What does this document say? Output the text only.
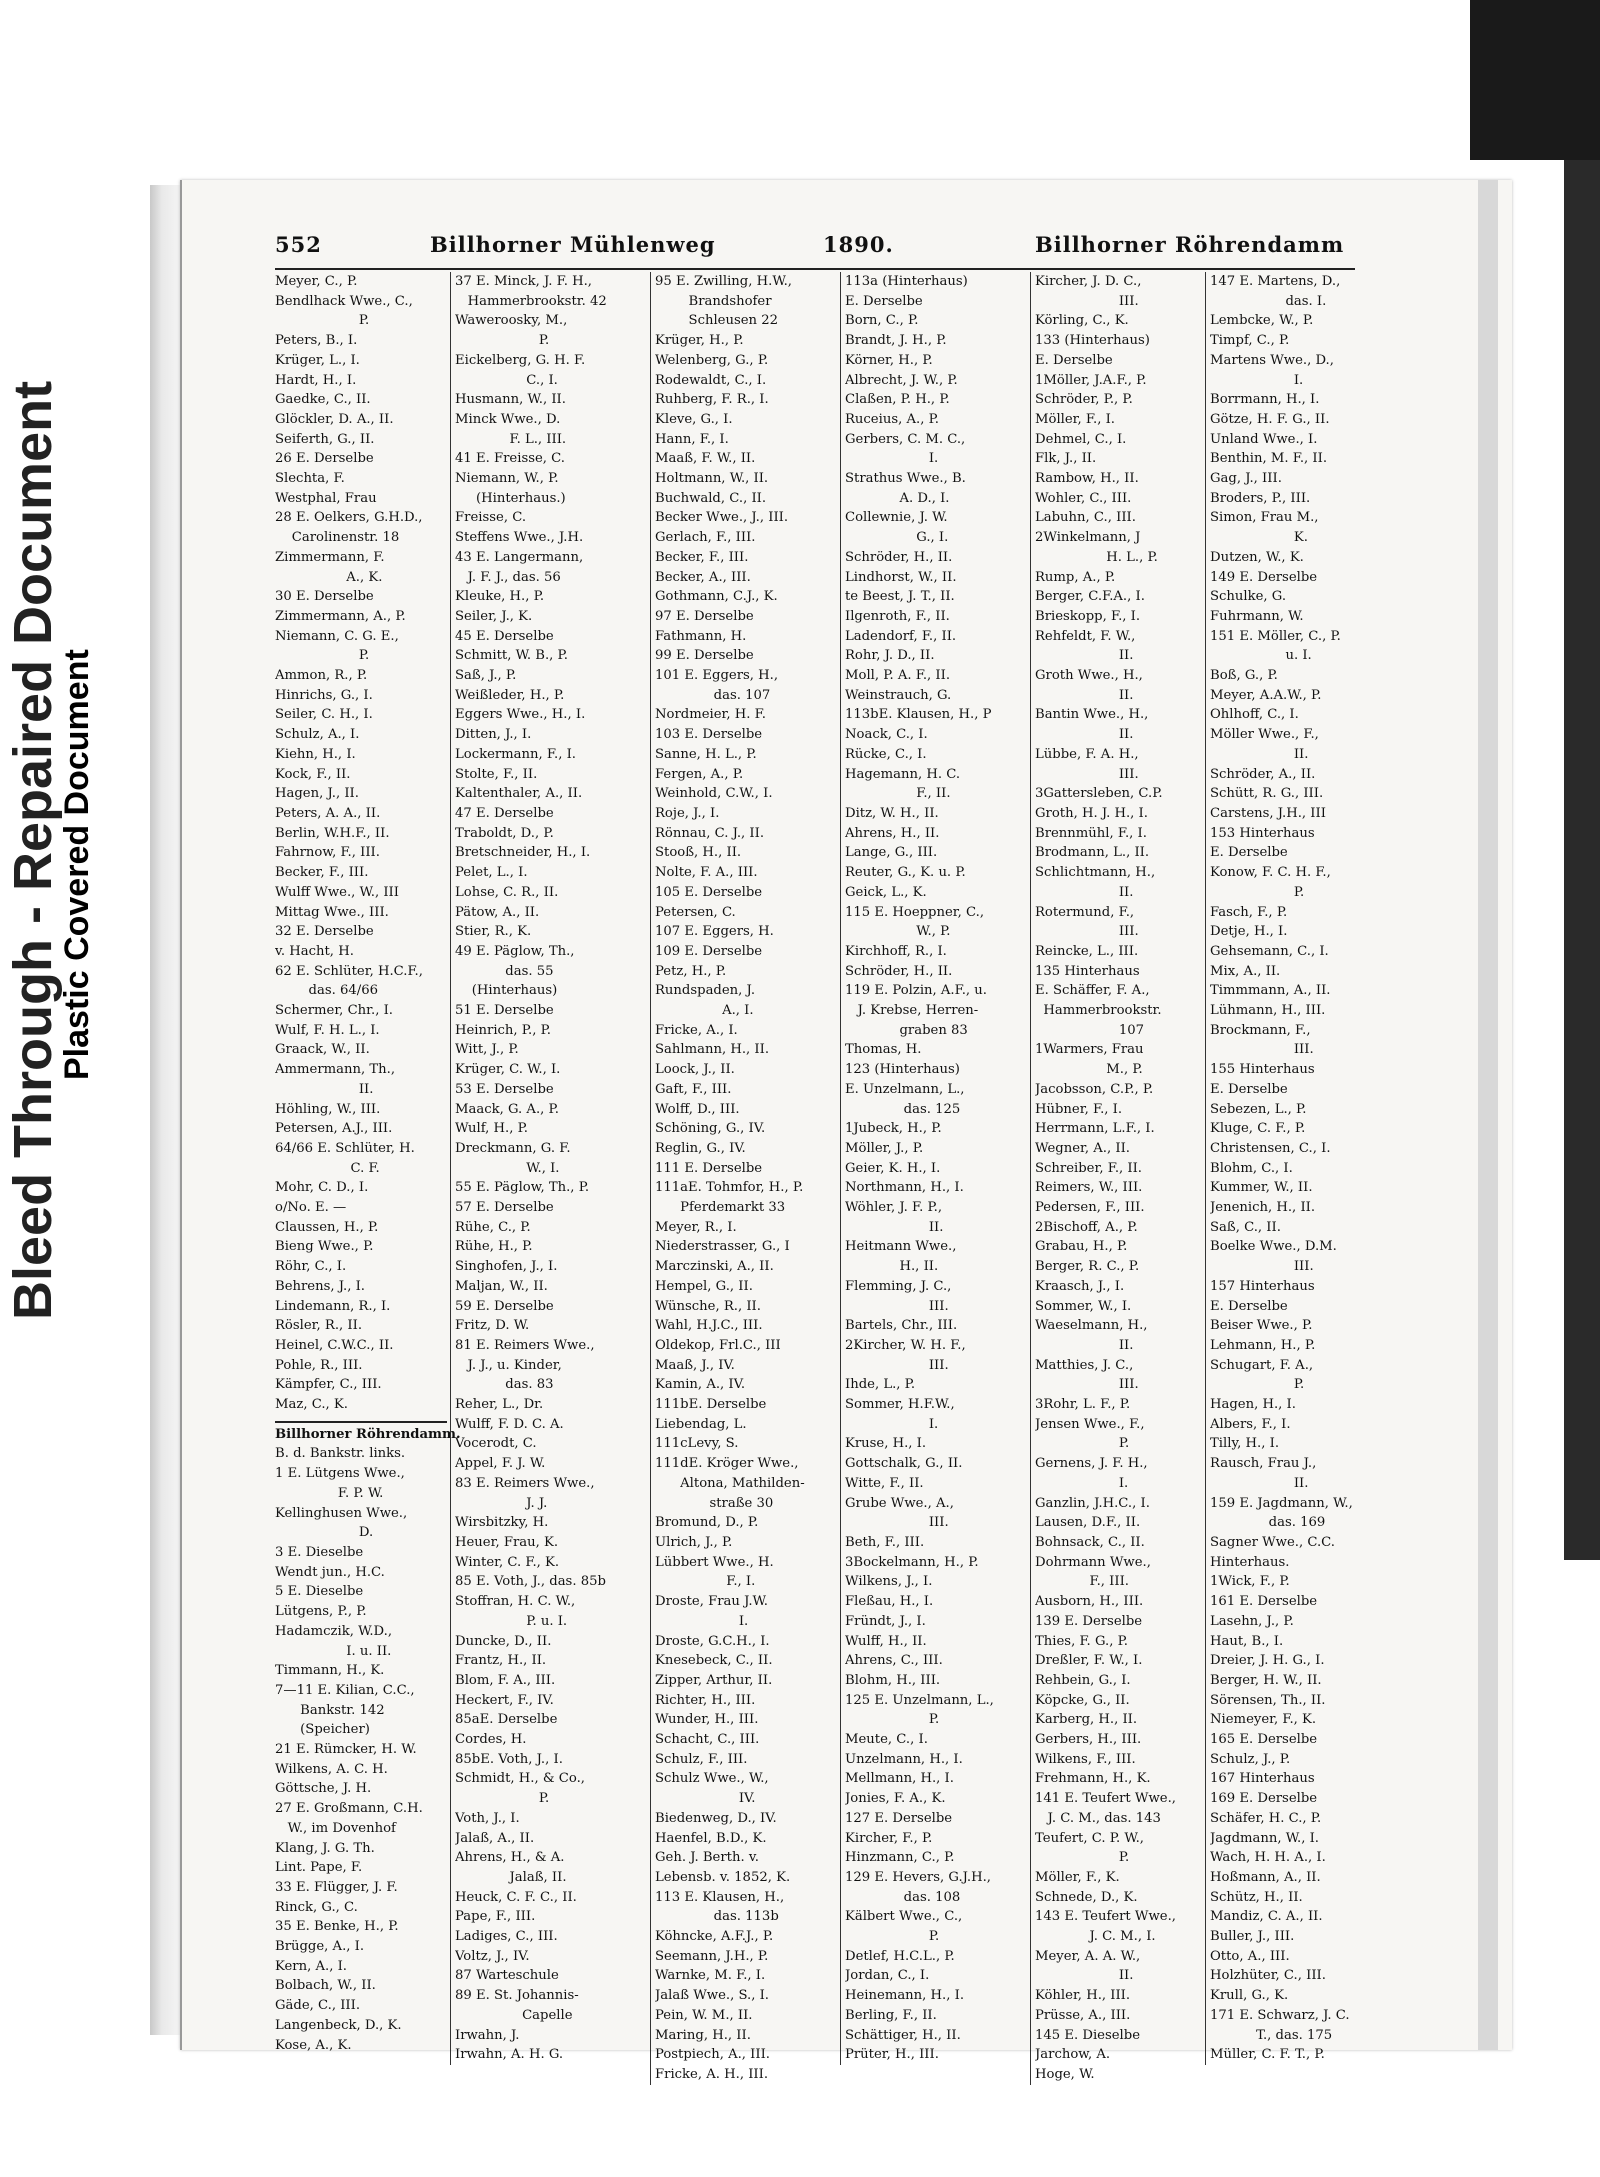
Bleed Through - Repaired Document
Plastic Covered Document
552	Billhorner Mühlenweg	1890.	Billhorner Röhrendamm
Meyer, C., P.
Bendlhack Wwe., C.,
P.
Peters, B., I.
Krüger, L., I.
Hardt, H., I.
Gaedke, C., II.
Glöckler, D. A., II.
Seiferth, G., II.
26 E. Derselbe
Slechta, F.
Westphal, Frau
28 E. Oelkers, G.H.D.,
Carolinenstr. 18
Zimmermann, F.
A., K.
30 E. Derselbe
Zimmermann, A., P.
Niemann, C. G. E.,
P.
Ammon, R., P.
Hinrichs, G., I.
Seiler, C. H., I.
Schulz, A., I.
Kiehn, H., I.
Kock, F., II.
Hagen, J., II.
Peters, A. A., II.
Berlin, W.H.F., II.
Fahrnow, F., III.
Becker, F., III.
Wulff Wwe., W., III
Mittag Wwe., III.
32 E. Derselbe
v. Hacht, H.
62 E. Schlüter, H.C.F.,
das. 64/66
Schermer, Chr., I.
Wulf, F. H. L., I.
Graack, W., II.
Ammermann, Th.,
II.
Höhling, W., III.
Petersen, A.J., III.
64/66 E. Schlüter, H.
C. F.
Mohr, C. D., I.
o/No. E. —
Claussen, H., P.
Bieng Wwe., P.
Röhr, C., I.
Behrens, J., I.
Lindemann, R., I.
Rösler, R., II.
Heinel, C.W.C., II.
Pohle, R., III.
Kämpfer, C., III.
Maz, C., K.
Billhorner Röhrendamm.
B. d. Bankstr. links.
1 E. Lütgens Wwe.,
F. P. W.
Kellinghusen Wwe.,
D.
3 E. Dieselbe
Wendt jun., H.C.
5 E. Dieselbe
Lütgens, P., P.
Hadamczik, W.D.,
I. u. II.
Timmann, H., K.
7—11 E. Kilian, C.C.,
Bankstr. 142
(Speicher)
21 E. Rümcker, H. W.
Wilkens, A. C. H.
Göttsche, J. H.
27 E. Großmann, C.H.
W., im Dovenhof
Klang, J. G. Th.
Lint. Pape, F.
33 E. Flügger, J. F.
Rinck, G., C.
35 E. Benke, H., P.
Brügge, A., I.
Kern, A., I.
Bolbach, W., II.
Gäde, C., III.
Langenbeck, D., K.
Kose, A., K.
37 E. Minck, J. F. H.,
Hammerbrookstr. 42
Waweroosky, M.,
P.
Eickelberg, G. H. F.
C., I.
Husmann, W., II.
Minck Wwe., D.
F. L., III.
41 E. Freisse, C.
Niemann, W., P.
(Hinterhaus.)
Freisse, C.
Steffens Wwe., J.H.
43 E. Langermann,
J. F. J., das. 56
Kleuke, H., P.
Seiler, J., K.
45 E. Derselbe
Schmitt, W. B., P.
Saß, J., P.
Weißleder, H., P.
Eggers Wwe., H., I.
Ditten, J., I.
Lockermann, F., I.
Stolte, F., II.
Kaltenthaler, A., II.
47 E. Derselbe
Traboldt, D., P.
Bretschneider, H., I.
Pelet, L., I.
Lohse, C. R., II.
Pätow, A., II.
Stier, R., K.
49 E. Päglow, Th.,
das. 55
(Hinterhaus)
51 E. Derselbe
Heinrich, P., P.
Witt, J., P.
Krüger, C. W., I.
53 E. Derselbe
Maack, G. A., P.
Wulf, H., P.
Dreckmann, G. F.
W., I.
55 E. Päglow, Th., P.
57 E. Derselbe
Rühe, C., P.
Rühe, H., P.
Singhofen, J., I.
Maljan, W., II.
59 E. Derselbe
Fritz, D. W.
81 E. Reimers Wwe.,
J. J., u. Kinder,
das. 83
Reher, L., Dr.
Wulff, F. D. C. A.
Vocerodt, C.
Appel, F. J. W.
83 E. Reimers Wwe.,
J. J.
Wirsbitzky, H.
Heuer, Frau, K.
Winter, C. F., K.
85 E. Voth, J., das. 85b
Stoffran, H. C. W.,
P. u. I.
Duncke, D., II.
Frantz, H., II.
Blom, F. A., III.
Heckert, F., IV.
85aE. Derselbe
Cordes, H.
85bE. Voth, J., I.
Schmidt, H., & Co.,
P.
Voth, J., I.
Jalaß, A., II.
Ahrens, H., & A.
Jalaß, II.
Heuck, C. F. C., II.
Pape, F., III.
Ladiges, C., III.
Voltz, J., IV.
87 Warteschule
89 E. St. Johannis-
Capelle
Irwahn, J.
Irwahn, A. H. G.
95 E. Zwilling, H.W.,
Brandshofer
Schleusen 22
Krüger, H., P.
Welenberg, G., P.
Rodewaldt, C., I.
Ruhberg, F. R., I.
Kleve, G., I.
Hann, F., I.
Maaß, F. W., II.
Holtmann, W., II.
Buchwald, C., II.
Becker Wwe., J., III.
Gerlach, F., III.
Becker, F., III.
Becker, A., III.
Gothmann, C.J., K.
97 E. Derselbe
Fathmann, H.
99 E. Derselbe
101 E. Eggers, H.,
das. 107
Nordmeier, H. F.
103 E. Derselbe
Sanne, H. L., P.
Fergen, A., P.
Weinhold, C.W., I.
Roje, J., I.
Rönnau, C. J., II.
Stooß, H., II.
Nolte, F. A., III.
105 E. Derselbe
Petersen, C.
107 E. Eggers, H.
109 E. Derselbe
Petz, H., P.
Rundspaden, J.
A., I.
Fricke, A., I.
Sahlmann, H., II.
Loock, J., II.
Gaft, F., III.
Wolff, D., III.
Schöning, G., IV.
Reglin, G., IV.
111 E. Derselbe
111aE. Tohmfor, H., P.
Pferdemarkt 33
Meyer, R., I.
Niederstrasser, G., I
Marczinski, A., II.
Hempel, G., II.
Wünsche, R., II.
Wahl, H.J.C., III.
Oldekop, Frl.C., III
Maaß, J., IV.
Kamin, A., IV.
111bE. Derselbe
Liebendag, L.
111cLevy, S.
111dE. Kröger Wwe.,
Altona, Mathilden-
straße 30
Bromund, D., P.
Ulrich, J., P.
Lübbert Wwe., H.
F., I.
Droste, Frau J.W.
I.
Droste, G.C.H., I.
Knesebeck, C., II.
Zipper, Arthur, II.
Richter, H., III.
Wunder, H., III.
Schacht, C., III.
Schulz, F., III.
Schulz Wwe., W.,
IV.
Biedenweg, D., IV.
Haenfel, B.D., K.
Geh. J. Berth. v.
Lebensb. v. 1852, K.
113 E. Klausen, H.,
das. 113b
Köhncke, A.F.J., P.
Seemann, J.H., P.
Warnke, M. F., I.
Jalaß Wwe., S., I.
Pein, W. M., II.
Maring, H., II.
Postpiech, A., III.
Fricke, A. H., III.
113a (Hinterhaus)
E. Derselbe
Born, C., P.
Brandt, J. H., P.
Körner, H., P.
Albrecht, J. W., P.
Claßen, P. H., P.
Ruceius, A., P.
Gerbers, C. M. C.,
I.
Strathus Wwe., B.
A. D., I.
Collewnie, J. W.
G., I.
Schröder, H., II.
Lindhorst, W., II.
te Beest, J. T., II.
Ilgenroth, F., II.
Ladendorf, F., II.
Rohr, J. D., II.
Moll, P. A. F., II.
Weinstrauch, G.
113bE. Klausen, H., P
Noack, C., I.
Rücke, C., I.
Hagemann, H. C.
F., II.
Ditz, W. H., II.
Ahrens, H., II.
Lange, G., III.
Reuter, G., K. u. P.
Geick, L., K.
115 E. Hoeppner, C.,
W., P.
Kirchhoff, R., I.
Schröder, H., II.
119 E. Polzin, A.F., u.
J. Krebse, Herren-
graben 83
Thomas, H.
123 (Hinterhaus)
E. Unzelmann, L.,
das. 125
1Jubeck, H., P.
Möller, J., P.
Geier, K. H., I.
Northmann, H., I.
Wöhler, J. F. P.,
II.
Heitmann Wwe.,
H., II.
Flemming, J. C.,
III.
Bartels, Chr., III.
2Kircher, W. H. F.,
III.
Ihde, L., P.
Sommer, H.F.W.,
I.
Kruse, H., I.
Gottschalk, G., II.
Witte, F., II.
Grube Wwe., A.,
III.
Beth, F., III.
3Bockelmann, H., P.
Wilkens, J., I.
Fleßau, H., I.
Fründt, J., I.
Wulff, H., II.
Ahrens, C., III.
Blohm, H., III.
125 E. Unzelmann, L.,
P.
Meute, C., I.
Unzelmann, H., I.
Mellmann, H., I.
Jonies, F. A., K.
127 E. Derselbe
Kircher, F., P.
Hinzmann, C., P.
129 E. Hevers, G.J.H.,
das. 108
Kälbert Wwe., C.,
P.
Detlef, H.C.L., P.
Jordan, C., I.
Heinemann, H., I.
Berling, F., II.
Schättiger, H., II.
Prüter, H., III.
Kircher, J. D. C.,
III.
Körling, C., K.
133 (Hinterhaus)
E. Derselbe
1Möller, J.A.F., P.
Schröder, P., P.
Möller, F., I.
Dehmel, C., I.
Flk, J., II.
Rambow, H., II.
Wohler, C., III.
Labuhn, C., III.
2Winkelmann, J
H. L., P.
Rump, A., P.
Berger, C.F.A., I.
Brieskopp, F., I.
Rehfeldt, F. W.,
II.
Groth Wwe., H.,
II.
Bantin Wwe., H.,
II.
Lübbe, F. A. H.,
III.
3Gattersleben, C.P.
Groth, H. J. H., I.
Brennmühl, F., I.
Brodmann, L., II.
Schlichtmann, H.,
II.
Rotermund, F.,
III.
Reincke, L., III.
135 Hinterhaus
E. Schäffer, F. A.,
Hammerbrookstr.
107
1Warmers, Frau
M., P.
Jacobsson, C.P., P.
Hübner, F., I.
Herrmann, L.F., I.
Wegner, A., II.
Schreiber, F., II.
Reimers, W., III.
Pedersen, F., III.
2Bischoff, A., P.
Grabau, H., P.
Berger, R. C., P.
Kraasch, J., I.
Sommer, W., I.
Waeselmann, H.,
II.
Matthies, J. C.,
III.
3Rohr, L. F., P.
Jensen Wwe., F.,
P.
Gernens, J. F. H.,
I.
Ganzlin, J.H.C., I.
Lausen, D.F., II.
Bohnsack, C., II.
Dohrmann Wwe.,
F., III.
Ausborn, H., III.
139 E. Derselbe
Thies, F. G., P.
Dreßler, F. W., I.
Rehbein, G., I.
Köpcke, G., II.
Karberg, H., II.
Gerbers, H., III.
Wilkens, F., III.
Frehmann, H., K.
141 E. Teufert Wwe.,
J. C. M., das. 143
Teufert, C. P. W.,
P.
Möller, F., K.
Schnede, D., K.
143 E. Teufert Wwe.,
J. C. M., I.
Meyer, A. A. W.,
II.
Köhler, H., III.
Prüsse, A., III.
145 E. Dieselbe
Jarchow, A.
Hoge, W.
147 E. Martens, D.,
das. I.
Lembcke, W., P.
Timpf, C., P.
Martens Wwe., D.,
I.
Borrmann, H., I.
Götze, H. F. G., II.
Unland Wwe., I.
Benthin, M. F., II.
Gag, J., III.
Broders, P., III.
Simon, Frau M.,
K.
Dutzen, W., K.
149 E. Derselbe
Schulke, G.
Fuhrmann, W.
151 E. Möller, C., P.
u. I.
Boß, G., P.
Meyer, A.A.W., P.
Ohlhoff, C., I.
Möller Wwe., F.,
II.
Schröder, A., II.
Schütt, R. G., III.
Carstens, J.H., III
153 Hinterhaus
E. Derselbe
Konow, F. C. H. F.,
P.
Fasch, F., P.
Detje, H., I.
Gehsemann, C., I.
Mix, A., II.
Timmmann, A., II.
Lühmann, H., III.
Brockmann, F.,
III.
155 Hinterhaus
E. Derselbe
Sebezen, L., P.
Kluge, C. F., P.
Christensen, C., I.
Blohm, C., I.
Kummer, W., II.
Jenenich, H., II.
Saß, C., II.
Boelke Wwe., D.M.
III.
157 Hinterhaus
E. Derselbe
Beiser Wwe., P.
Lehmann, H., P.
Schugart, F. A.,
P.
Hagen, H., I.
Albers, F., I.
Tilly, H., I.
Rausch, Frau J.,
II.
159 E. Jagdmann, W.,
das. 169
Sagner Wwe., C.C.
Hinterhaus.
1Wick, F., P.
161 E. Derselbe
Lasehn, J., P.
Haut, B., I.
Dreier, J. H. G., I.
Berger, H. W., II.
Sörensen, Th., II.
Niemeyer, F., K.
165 E. Derselbe
Schulz, J., P.
167 Hinterhaus
169 E. Derselbe
Schäfer, H. C., P.
Jagdmann, W., I.
Wach, H. H. A., I.
Hoßmann, A., II.
Schütz, H., II.
Mandiz, C. A., II.
Buller, J., III.
Otto, A., III.
Holzhüter, C., III.
Krull, G., K.
171 E. Schwarz, J. C.
T., das. 175
Müller, C. F. T., P.
